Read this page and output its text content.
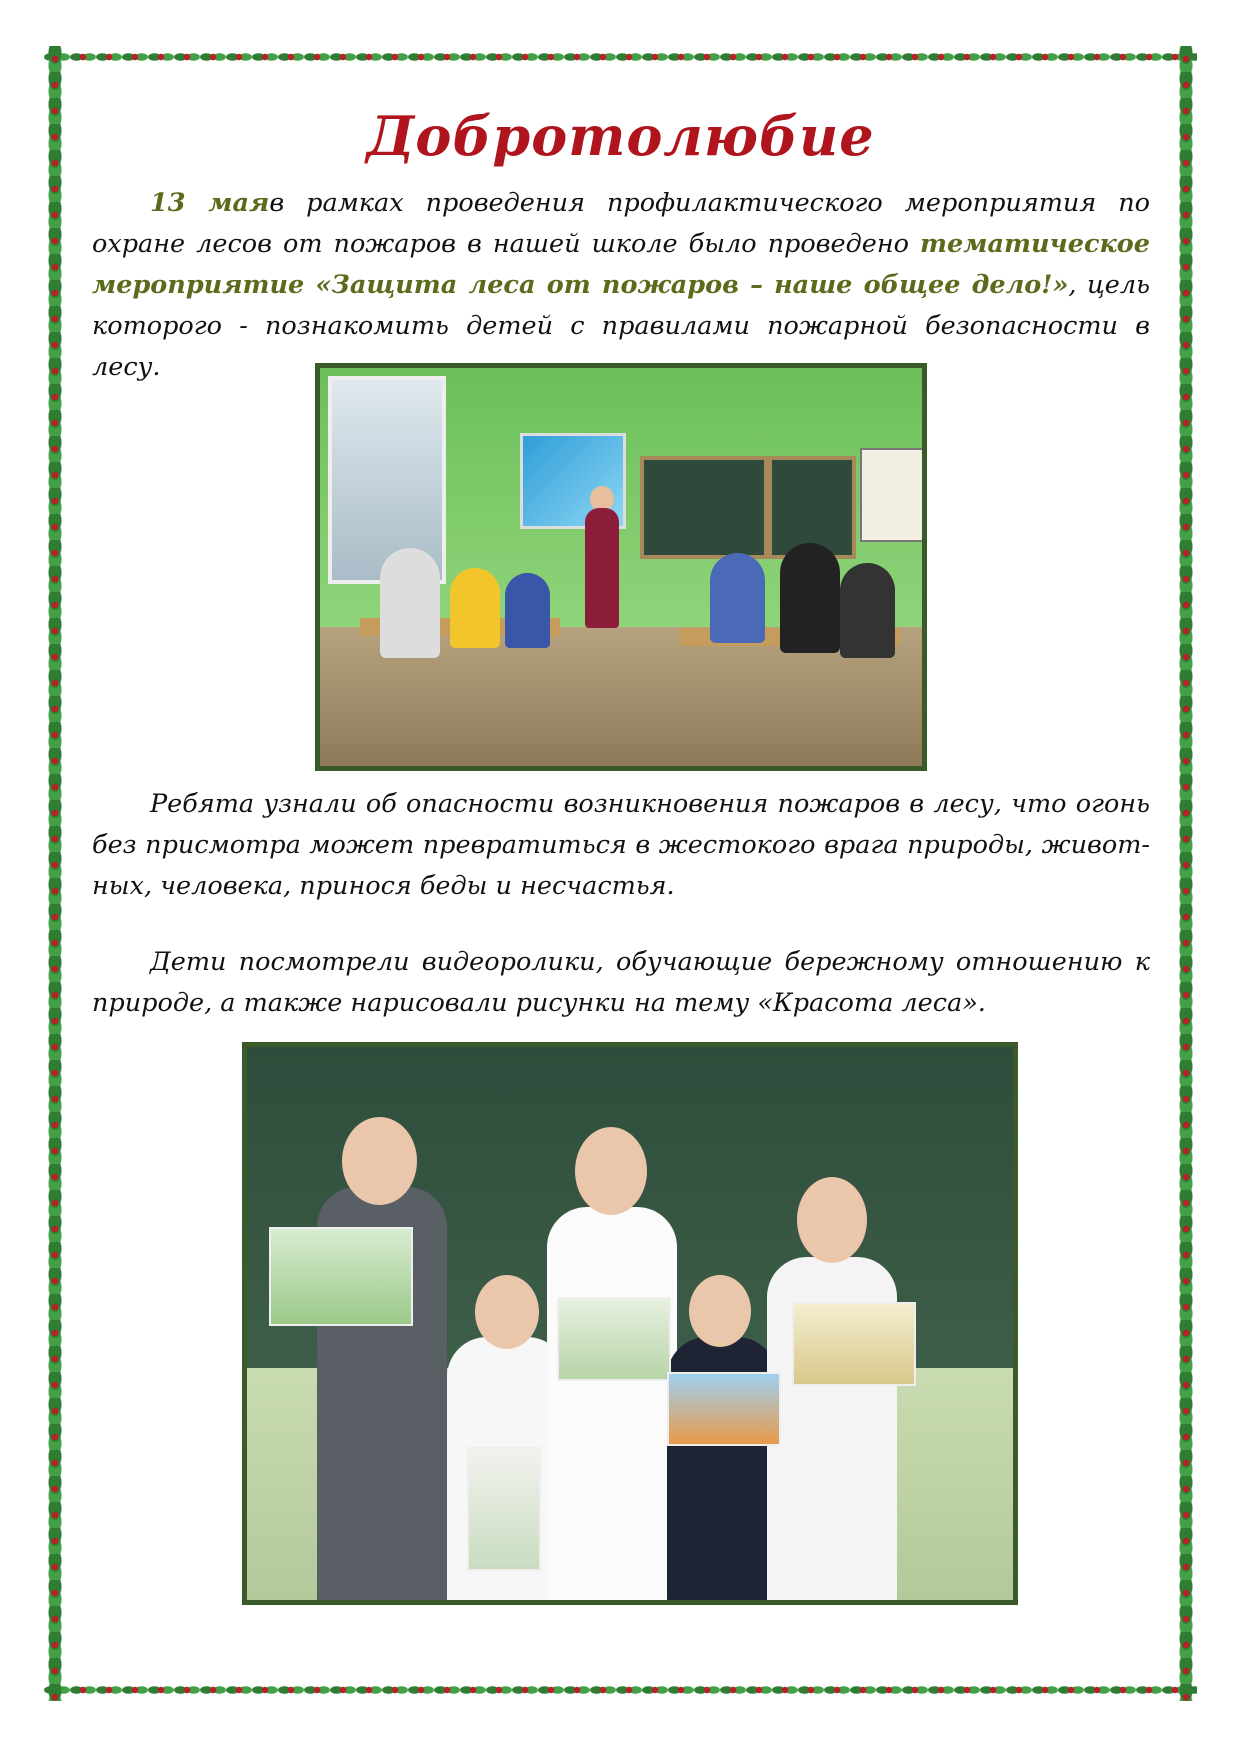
Добротолюбие

13 маяв рамках проведения профилактического мероприятия по охране лесов от пожаров в нашей школе было проведено тематическое мероприятие «Защита леса от пожаров – наше общее дело!», цель которого - познакомить детей с правилами пожарной безопасности в лесу.

Ребята узнали об опасности возникновения пожаров в лесу, что огонь без присмотра может превратиться в жестокого врага природы, животных, человека, принося беды и несчастья.

Дети посмотрели видеоролики, обучающие бережному отношению к природе, а также нарисовали рисунки на тему «Красота леса».
